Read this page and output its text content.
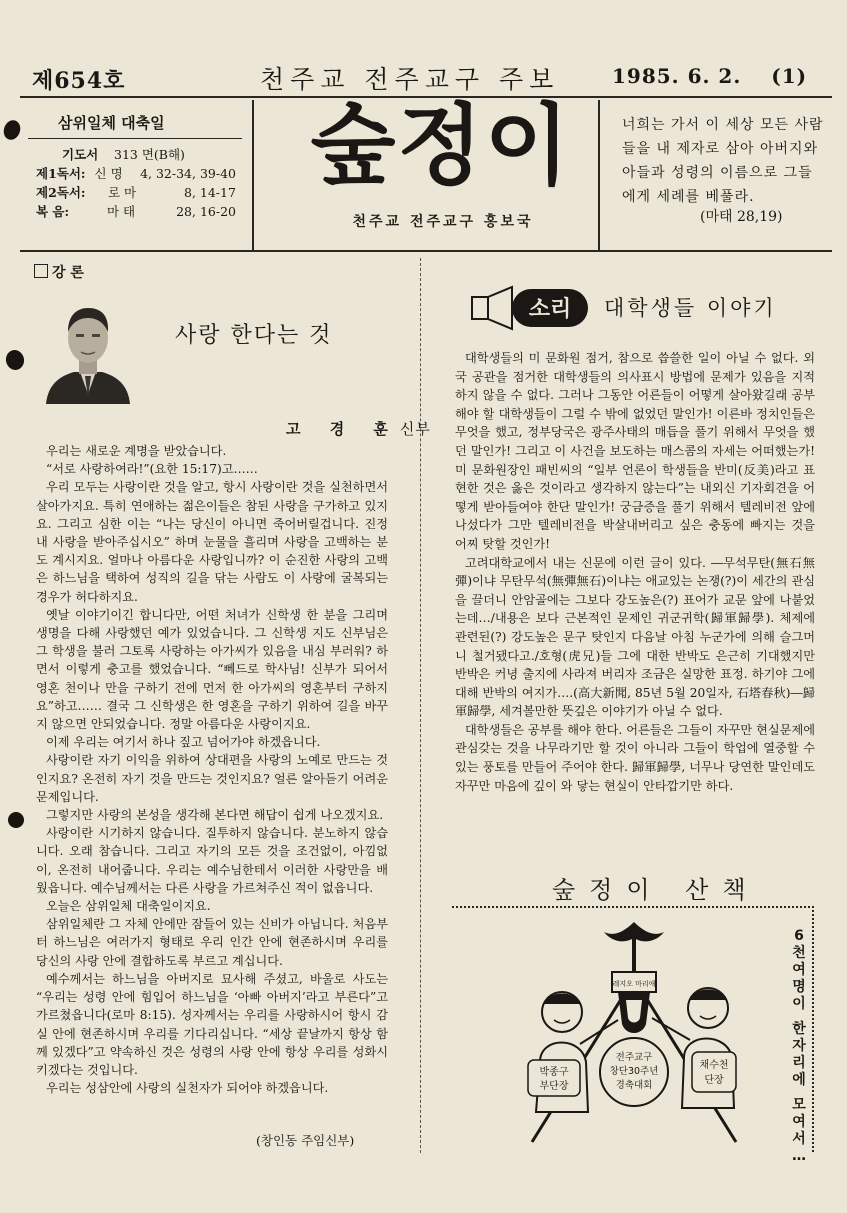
제654호	천주교 전주교구 주보	1985. 6. 2. (1)
삼위일체 대축일
기도서	313 면(B해)
제1독서: 신 명	4, 32-34, 39-40
제2독서:	로 마	8, 14-17
복 음:	마 태	28, 16-20
숲정이
천주교 전주교구 홍보국
너희는 가서 이 세상 모든 사람들을 내 제자로 삼아 아버지와 아들과 성령의 이름으로 그들에게 세례를 베풀라.
(마태 28,19)
강 론
사랑 한다는 것
고 경 훈신부

우리는 새로운 계명을 받았습니다.

“서로 사랑하여라!”(요한 15:17)고……

우리 모두는 사랑이란 것을 알고, 항시 사랑이란 것을 실천하면서 살아가지요. 특히 연애하는 젊은이들은 참된 사랑을 구가하고 있지요. 그리고 심한 이는 “나는 당신이 아니면 죽어버릴겁니다. 진정 내 사랑을 받아주십시오” 하며 눈물을 흘리며 사랑을 고백하는 분도 계시지요. 얼마나 아름다운 사랑입니까? 이 순진한 사랑의 고백은 하느님을 택하여 성직의 길을 닦는 사람도 이 사랑에 굴복되는 경우가 허다하지요.

옛날 이야기이긴 합니다만, 어떤 처녀가 신학생 한 분을 그리며 생명을 다해 사랑했던 예가 있었습니다. 그 신학생 지도 신부님은 그 학생을 불러 그토록 사랑하는 아가씨가 있음을 내심 부러워? 하면서 이렇게 충고를 했었습니다. “뻬드로 학사님! 신부가 되어서 영혼 천이나 만을 구하기 전에 먼저 한 아가씨의 영혼부터 구하지요”하고…… 결국 그 신학생은 한 영혼을 구하기 위하여 길을 바꾸지 않으면 안되었습니다. 정말 아름다운 사랑이지요.

이제 우리는 여기서 하나 짚고 넘어가야 하겠읍니다.

사랑이란 자기 이익을 위하여 상대편을 사랑의 노예로 만드는 것인지요? 온전히 자기 것을 만드는 것인지요? 얼른 알아듣기 어려운 문제입니다.

그렇지만 사랑의 본성을 생각해 본다면 해답이 쉽게 나오겠지요.

사랑이란 시기하지 않습니다. 질투하지 않습니다. 분노하지 않습니다. 오래 참습니다. 그리고 자기의 모든 것을 조건없이, 아낌없이, 온전히 내어줍니다. 우리는 예수님한테서 이러한 사랑만을 배웠읍니다. 예수님께서는 다른 사랑을 가르쳐주신 적이 없읍니다.

오늘은 삼위일체 대축일이지요.

삼위일체란 그 자체 안에만 잠들어 있는 신비가 아닙니다. 처음부터 하느님은 여러가지 형태로 우리 인간 안에 현존하시며 우리를 당신의 사랑 안에 결합하도록 부르고 계십니다.

예수께서는 하느님을 아버지로 묘사해 주셨고, 바울로 사도는 “우리는 성령 안에 힘입어 하느님을 ‘아빠 아버지’라고 부른다”고 가르쳤읍니다(로마 8:15). 성자께서는 우리를 사랑하시어 항시 감실 안에 현존하시며 우리를 기다리십니다. “세상 끝날까지 항상 함께 있겠다”고 약속하신 것은 성령의 사랑 안에 항상 우리를 성화시키겠다는 것입니다.

우리는 성삼안에 사랑의 실천자가 되어야 하겠읍니다.

(창인동 주임신부)
소리 대학생들 이야기

대학생들의 미 문화원 점거, 참으로 씁쓸한 일이 아닐 수 없다. 외국 공관을 점거한 대학생들의 의사표시 방법에 문제가 있음을 지적하지 않을 수 없다. 그러나 그동안 어른들이 어떻게 살아왔길래 공부해야 할 대학생들이 그럴 수 밖에 없었던 말인가! 이른바 정치인들은 무엇을 했고, 정부당국은 광주사태의 매듭을 풀기 위해서 무엇을 했던 말인가! 그리고 이 사건을 보도하는 매스콤의 자세는 어떠했는가! 미 문화원장인 패빈씨의 “일부 언론이 학생들을 반미(反美)라고 표현한 것은 옳은 것이라고 생각하지 않는다”는 내외신 기자회견을 어떻게 받아들여야 한단 말인가! 궁금증을 풀기 위해서 텔레비전 앞에 나섰다가 그만 텔레비전을 박살내버리고 싶은 충동에 빠지는 것을 어찌 탓할 것인가!

고려대학교에서 내는 신문에 이런 글이 있다. ―무석무탄(無石無彈)이냐 무탄무석(無彈無石)이냐는 애교있는 논쟁(?)이 세간의 관심을 끌더니 안암골에는 그보다 강도높은(?) 표어가 교문 앞에 나붙었는데…/내용은 보다 근본적인 문제인 귀군귀학(歸軍歸學). 체제에 관련된(?) 강도높은 문구 탓인지 다음날 아침 누군가에 의해 슬그머니 철거됐다고./호형(虎兄)들 그에 대한 반박도 은근히 기대했지만 반박은 커녕 출지에 사라져 버리자 조금은 실망한 표정. 하기야 그에 대해 반박의 여지가….(高大新聞, 85년 5월 20일자, 石塔春秋)―歸軍歸學, 세겨볼만한 뜻깊은 이야기가 아닐 수 없다.

대학생들은 공부를 해야 한다. 어른들은 그들이 자꾸만 현실문제에 관심갖는 것을 나무라기만 할 것이 아니라 그들이 학업에 열중할 수 있는 풍토를 만들어 주어야 한다. 歸軍歸學, 너무나 당연한 말인데도 자꾸만 마음에 깊이 와 닿는 현실이 안타깝기만 하다.

숲정이 산책
6
천
여
명
이
한
자
리
에
모
여
서
…
레지오 마리애
박종구
부단장
채수천
단장
전주교구
창단30주년
경축대회
